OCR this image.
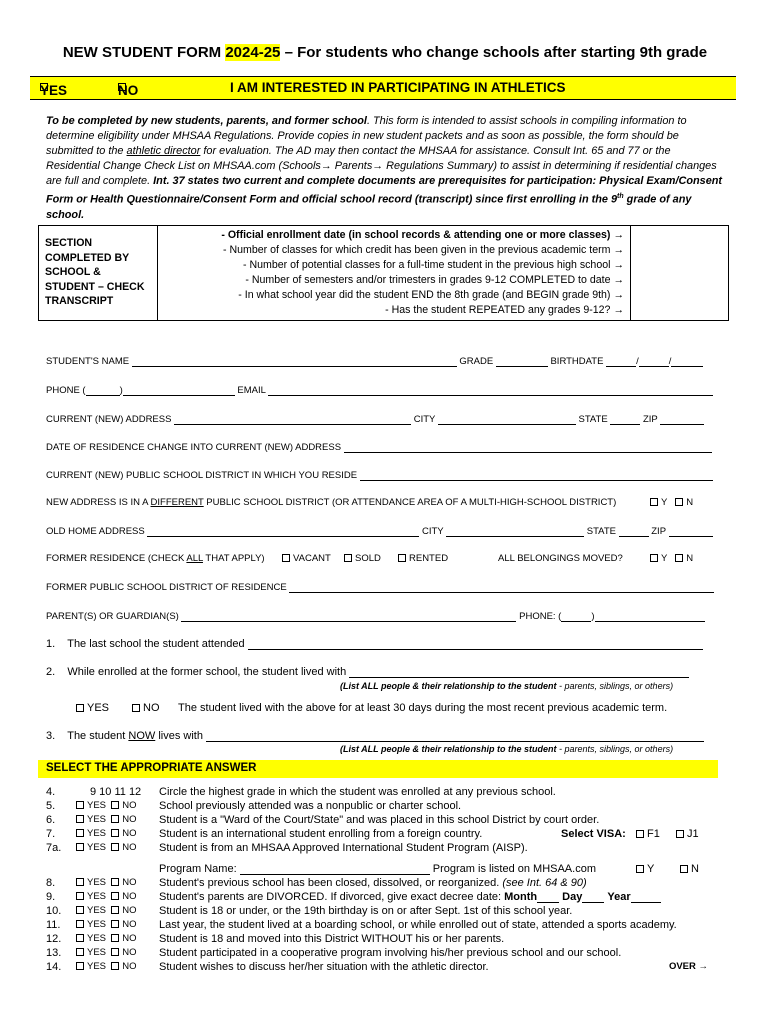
NEW STUDENT FORM 2024-25 – For students who change schools after starting 9th grade
YES	NO	I AM INTERESTED IN PARTICIPATING IN ATHLETICS
To be completed by new students, parents, and former school. This form is intended to assist schools in compiling information to determine eligibility under MHSAA Regulations. Provide copies in new student packets and as soon as possible, the form should be submitted to the athletic director for evaluation. The AD may then contact the MHSAA for assistance. Consult Int. 65 and 77 or the Residential Change Check List on MHSAA.com (Schools→ Parents→ Regulations Summary) to assist in determining if residential changes are full and complete. Int. 37 states two current and complete documents are prerequisites for participation: Physical Exam/Consent Form or Health Questionnaire/Consent Form and official school record (transcript) since first enrolling in the 9th grade of any school.
SECTION COMPLETED BY SCHOOL & STUDENT – CHECK TRANSCRIPT	
- Official enrollment date (in school records & attending one or more classes) →
- Number of classes for which credit has been given in the previous academic term →
- Number of potential classes for a full-time student in the previous high school →
- Number of semesters and/or trimesters in grades 9-12 COMPLETED to date →
- In what school year did the student END the 8th grade (and BEGIN grade 9th) →
- Has the student REPEATED any grades 9-12? →

STUDENT'S NAME	GRADE	BIRTHDATE	/	/
PHONE (	)	EMAIL
CURRENT (NEW) ADDRESS	CITY	STATE	ZIP
DATE OF RESIDENCE CHANGE INTO CURRENT (NEW) ADDRESS
CURRENT (NEW) PUBLIC SCHOOL DISTRICT IN WHICH YOU RESIDE
NEW ADDRESS IS IN A DIFFERENT PUBLIC SCHOOL DISTRICT (OR ATTENDANCE AREA OF A MULTI-HIGH-SCHOOL DISTRICT)	Y N
OLD HOME ADDRESS	CITY	STATE	ZIP
FORMER RESIDENCE (CHECK ALL THAT APPLY)	VACANT	SOLD	RENTED	ALL BELONGINGS MOVED?	Y N
FORMER PUBLIC SCHOOL DISTRICT OF RESIDENCE
PARENT(S) OR GUARDIAN(S)	PHONE: (	)
1. The last school the student attended
2. While enrolled at the former school, the student lived with
(List ALL people & their relationship to the student - parents, siblings, or others)
YES	NO The student lived with the above for at least 30 days during the most recent previous academic term.
3. The student NOW lives with
(List ALL people & their relationship to the student - parents, siblings, or others)
SELECT THE APPROPRIATE ANSWER
4.	9 10 11 12 Circle the highest grade in which the student was enrolled at any previous school.
5.	YES NO School previously attended was a nonpublic or charter school.
6.	YES NO Student is a "Ward of the Court/State" and was placed in this school District by court order.
7.	YES NO Student is an international student enrolling from a foreign country.	Select VISA:	F1	J1
7a.	YES NO Student is from an MHSAA Approved International Student Program (AISP).
Program Name:	Program is listed on MHSAA.com	Y	N
8.	YES NO Student's previous school has been closed, dissolved, or reorganized. (see Int. 64 & 90)
9.	YES NO Student's parents are DIVORCED. If divorced, give exact decree date: Month Day Year
10.	YES NO Student is 18 or under, or the 19th birthday is on or after Sept. 1st of this school year.
11.	YES NO Last year, the student lived at a boarding school, or while enrolled out of state, attended a sports academy.
12.	YES NO Student is 18 and moved into this District WITHOUT his or her parents.
13.	YES NO Student participated in a cooperative program involving his/her previous school and our school.
14.	YES NO Student wishes to discuss her/her situation with the athletic director.	OVER →
